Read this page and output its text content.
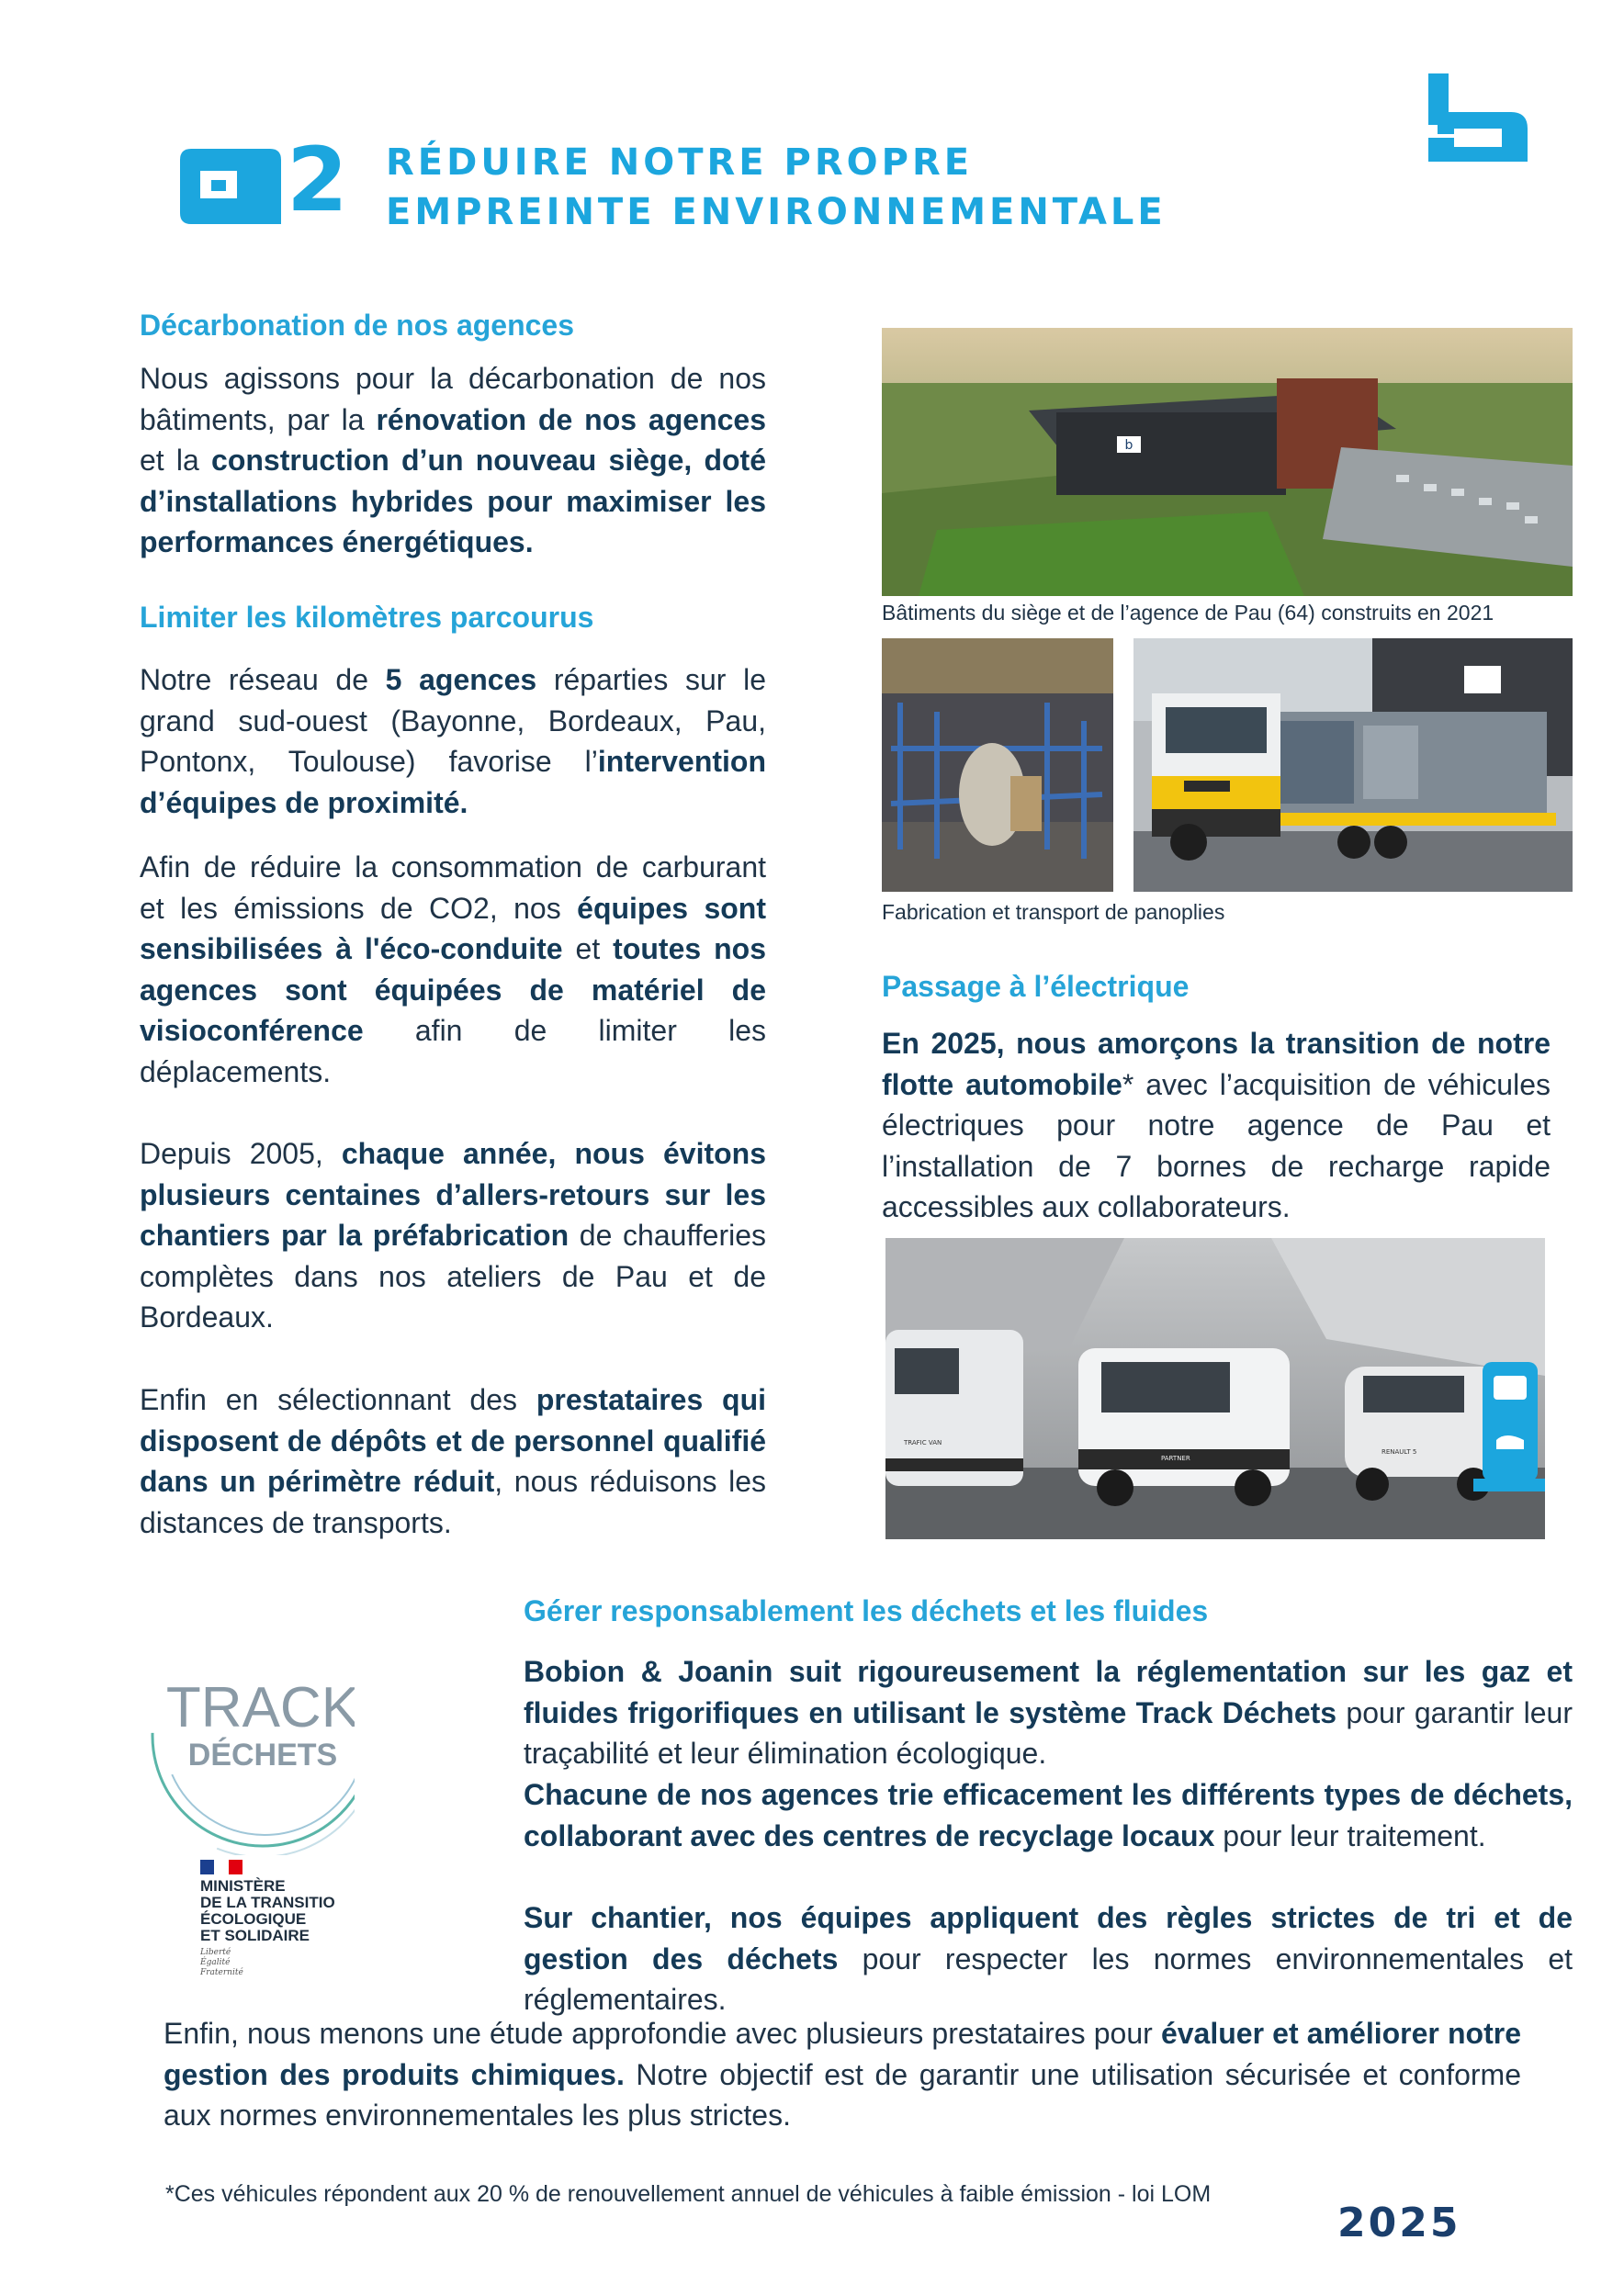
2 RÉDUIRE NOTRE PROPRE
EMPREINTE ENVIRONNEMENTALE
Décarbonation de nos agences

Nous agissons pour la décarbonation de nos bâtiments, par la rénovation de nos agences et la construction d’un nouveau siège, doté d’installations hybrides pour maximiser les performances énergétiques.

Limiter les kilomètres parcourus

Notre réseau de 5 agences réparties sur le grand sud-ouest (Bayonne, Bordeaux, Pau, Pontonx, Toulouse) favorise l’intervention d’équipes de proximité.

Afin de réduire la consommation de carburant et les émissions de CO2, nos équipes sont sensibilisées à l'éco-conduite et toutes nos agences sont équipées de matériel de visioconférence afin de limiter les déplacements.

Depuis 2005, chaque année, nous évitons plusieurs centaines d’allers-retours sur les chantiers par la préfabrication de chaufferies complètes dans nos ateliers de Pau et de Bordeaux.

Enfin en sélectionnant des prestataires qui disposent de dépôts et de personnel qualifié dans un périmètre réduit, nous réduisons les distances de transports.

b
Bâtiments du siège et de l’agence de Pau (64) construits en 2021
Fabrication et transport de panoplies
Passage à l’électrique

En 2025, nous amorçons la transition de notre flotte automobile* avec l’acquisition de véhicules électriques pour notre agence de Pau et l’installation de 7 bornes de recharge rapide accessibles aux collaborateurs.

TRAFIC VAN
PARTNER
RENAULT 5
TRACK
DÉCHETS
MINISTÈRE
DE LA TRANSITIO
ÉCOLOGIQUE
ET SOLIDAIRE
Liberté
Égalité
Fraternité
Gérer responsablement les déchets et les fluides

Bobion & Joanin suit rigoureusement la réglementation sur les gaz et fluides frigorifiques en utilisant le système Track Déchets pour garantir leur traçabilité et leur élimination écologique.

Chacune de nos agences trie efficacement les différents types de déchets, collaborant avec des centres de recyclage locaux pour leur traitement.

Sur chantier, nos équipes appliquent des règles strictes de tri et de gestion des déchets pour respecter les normes environnementales et réglementaires.

Enfin, nous menons une étude approfondie avec plusieurs prestataires pour évaluer et améliorer notre gestion des produits chimiques. Notre objectif est de garantir une utilisation sécurisée et conforme aux normes environnementales les plus strictes.

*Ces véhicules répondent aux 20 % de renouvellement annuel de véhicules à faible émission - loi LOM
2025
